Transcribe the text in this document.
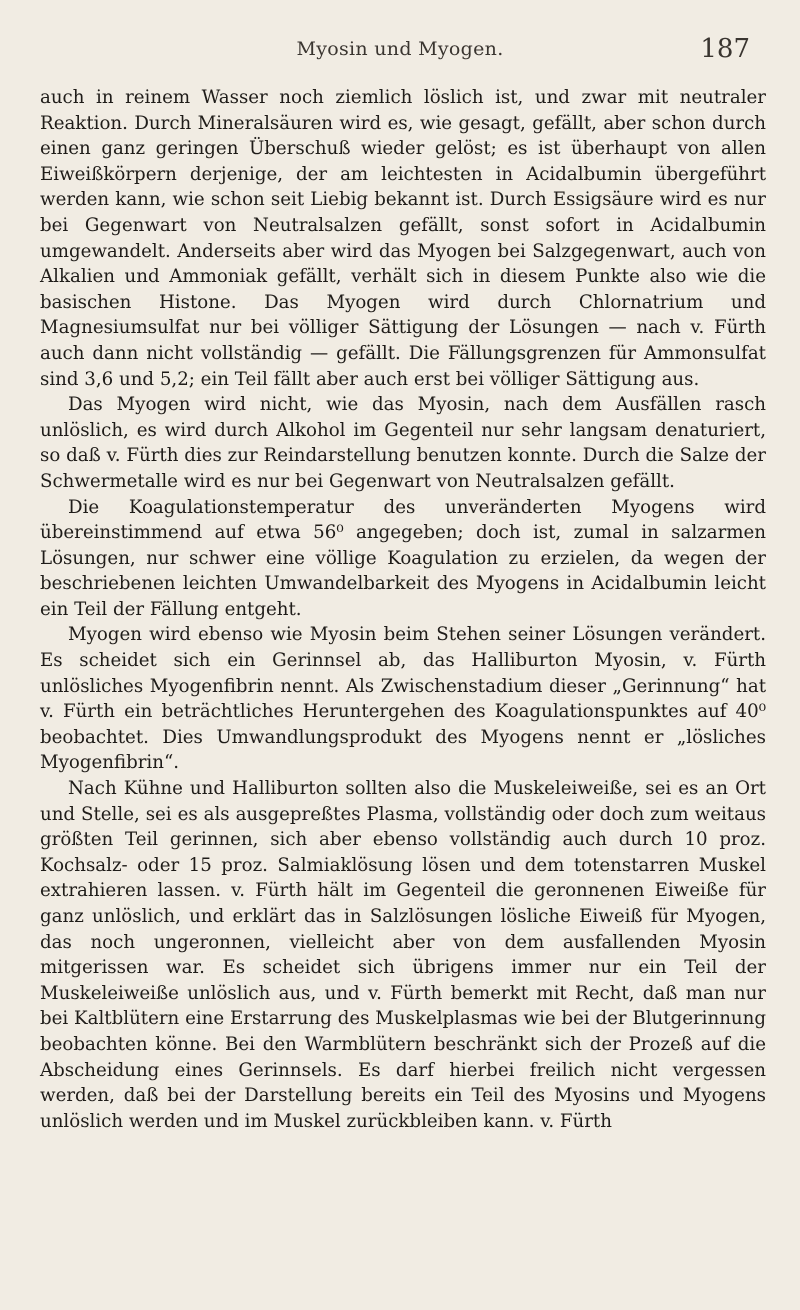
Myosin und Myogen.	187

auch in reinem Wasser noch ziemlich löslich ist, und zwar mit neutraler Reaktion. Durch Mineralsäuren wird es, wie gesagt, gefällt, aber schon durch einen ganz geringen Überschuß wieder gelöst; es ist überhaupt von allen Eiweißkörpern derjenige, der am leichtesten in Acidalbumin übergeführt werden kann, wie schon seit Liebig bekannt ist. Durch Essigsäure wird es nur bei Gegenwart von Neutralsalzen gefällt, sonst sofort in Acidalbumin umgewandelt. Anderseits aber wird das Myogen bei Salzgegenwart, auch von Alkalien und Ammoniak gefällt, verhält sich in diesem Punkte also wie die basischen Histone. Das Myogen wird durch Chlornatrium und Magnesiumsulfat nur bei völliger Sättigung der Lösungen — nach v. Fürth auch dann nicht vollständig — gefällt. Die Fällungsgrenzen für Ammonsulfat sind 3,6 und 5,2; ein Teil fällt aber auch erst bei völliger Sättigung aus.

Das Myogen wird nicht, wie das Myosin, nach dem Ausfällen rasch unlöslich, es wird durch Alkohol im Gegenteil nur sehr langsam denaturiert, so daß v. Fürth dies zur Reindarstellung benutzen konnte. Durch die Salze der Schwermetalle wird es nur bei Gegenwart von Neutralsalzen gefällt.

Die Koagulationstemperatur des unveränderten Myogens wird übereinstimmend auf etwa 56⁰ angegeben; doch ist, zumal in salzarmen Lösungen, nur schwer eine völlige Koagulation zu erzielen, da wegen der beschriebenen leichten Umwandelbarkeit des Myogens in Acidalbumin leicht ein Teil der Fällung entgeht.

Myogen wird ebenso wie Myosin beim Stehen seiner Lösungen verändert. Es scheidet sich ein Gerinnsel ab, das Halliburton Myosin, v. Fürth unlösliches Myogenfibrin nennt. Als Zwischenstadium dieser „Gerinnung“ hat v. Fürth ein beträchtliches Heruntergehen des Koagulationspunktes auf 40⁰ beobachtet. Dies Umwandlungsprodukt des Myogens nennt er „lösliches Myogenfibrin“.

Nach Kühne und Halliburton sollten also die Muskeleiweiße, sei es an Ort und Stelle, sei es als ausgepreßtes Plasma, vollständig oder doch zum weitaus größten Teil gerinnen, sich aber ebenso vollständig auch durch 10 proz. Kochsalz- oder 15 proz. Salmiaklösung lösen und dem totenstarren Muskel extrahieren lassen. v. Fürth hält im Gegenteil die geronnenen Eiweiße für ganz unlöslich, und erklärt das in Salzlösungen lösliche Eiweiß für Myogen, das noch ungeronnen, vielleicht aber von dem ausfallenden Myosin mitgerissen war. Es scheidet sich übrigens immer nur ein Teil der Muskeleiweiße unlöslich aus, und v. Fürth bemerkt mit Recht, daß man nur bei Kaltblütern eine Erstarrung des Muskelplasmas wie bei der Blutgerinnung beobachten könne. Bei den Warmblütern beschränkt sich der Prozeß auf die Abscheidung eines Gerinnsels. Es darf hierbei freilich nicht vergessen werden, daß bei der Darstellung bereits ein Teil des Myosins und Myogens unlöslich werden und im Muskel zurückbleiben kann. v. Fürth
